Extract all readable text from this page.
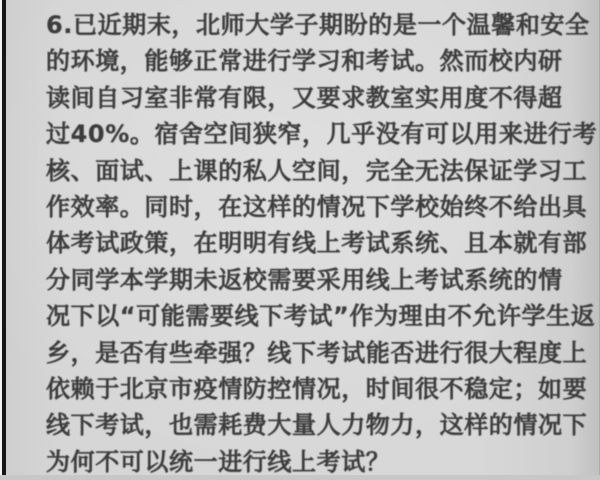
6.已近期末，北师大学子期盼的是一个温馨和安全
的环境，能够正常进行学习和考试。然而校内研
读间自习室非常有限，又要求教室实用度不得超
过40%。宿舍空间狭窄，几乎没有可以用来进行考
核、面试、上课的私人空间，完全无法保证学习工
作效率。同时，在这样的情况下学校始终不给出具
体考试政策，在明明有线上考试系统、且本就有部
分同学本学期未返校需要采用线上考试系统的情
况下以“可能需要线下考试”作为理由不允许学生返
乡，是否有些牵强？线下考试能否进行很大程度上
依赖于北京市疫情防控情况，时间很不稳定；如要
线下考试，也需耗费大量人力物力，这样的情况下
为何不可以统一进行线上考试？
